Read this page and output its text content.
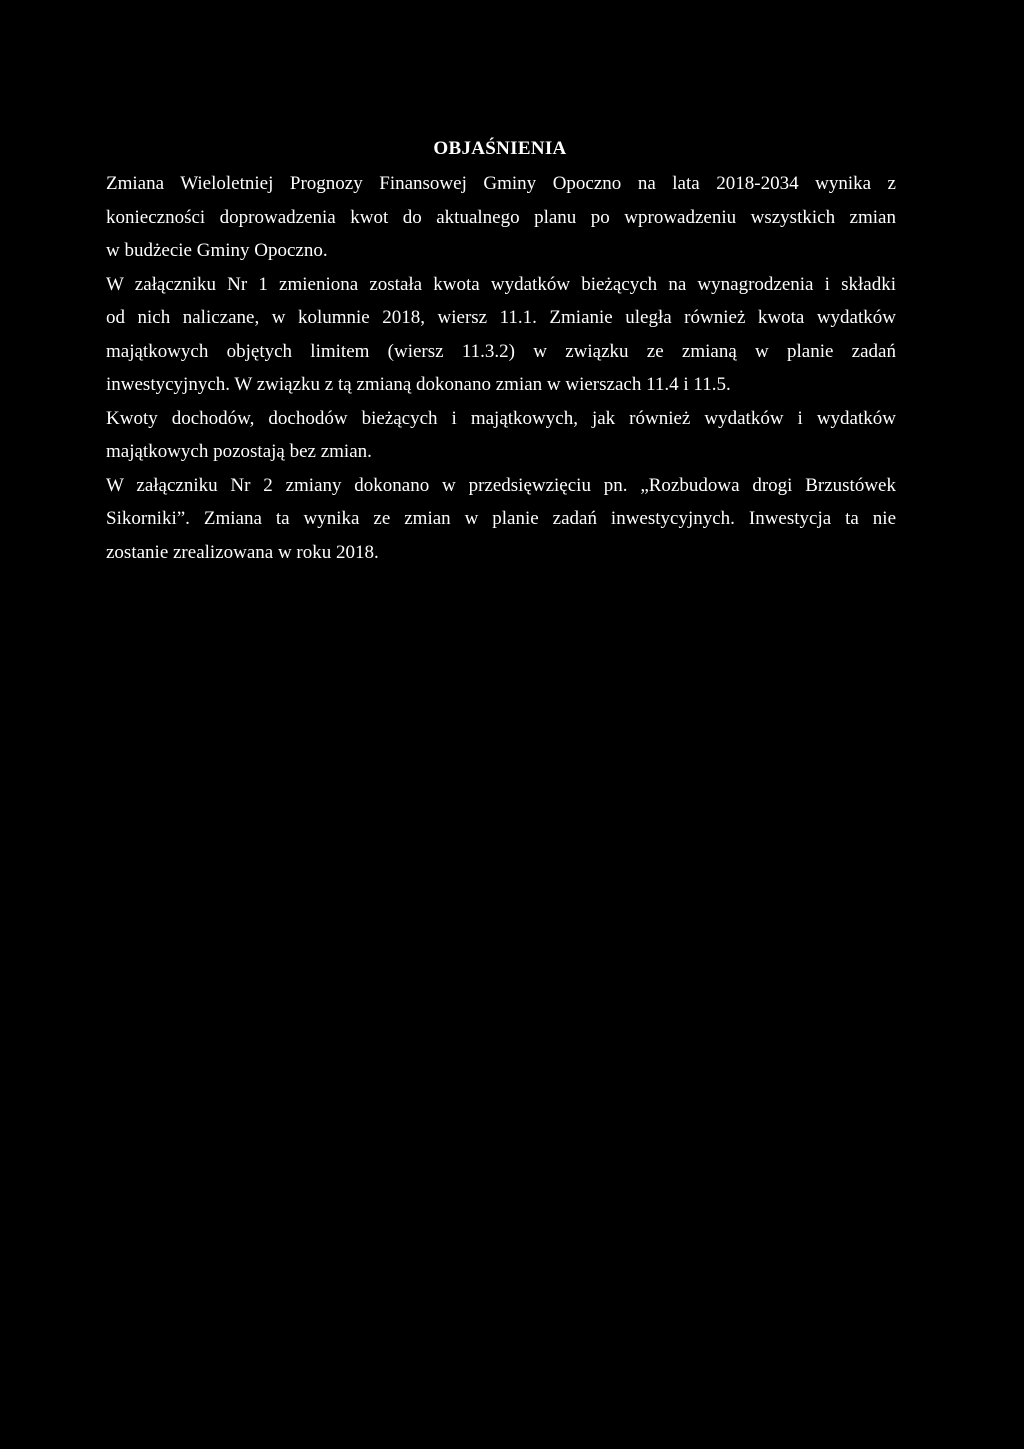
OBJAŚNIENIA

Zmiana Wieloletniej Prognozy Finansowej Gminy Opoczno na lata 2018-2034 wynika z
konieczności doprowadzenia kwot do aktualnego planu po wprowadzeniu wszystkich zmian
w budżecie Gminy Opoczno.

W załączniku Nr 1 zmieniona została kwota wydatków bieżących na wynagrodzenia i składki
od nich naliczane, w kolumnie 2018, wiersz 11.1. Zmianie uległa również kwota wydatków
majątkowych objętych limitem (wiersz 11.3.2) w związku ze zmianą w planie zadań
inwestycyjnych. W związku z tą zmianą dokonano zmian w wierszach 11.4 i 11.5.

Kwoty dochodów, dochodów bieżących i majątkowych, jak również wydatków i wydatków
majątkowych pozostają bez zmian.

W załączniku Nr 2 zmiany dokonano w przedsięwzięciu pn. „Rozbudowa drogi Brzustówek
Sikorniki”. Zmiana ta wynika ze zmian w planie zadań inwestycyjnych. Inwestycja ta nie
zostanie zrealizowana w roku 2018.
